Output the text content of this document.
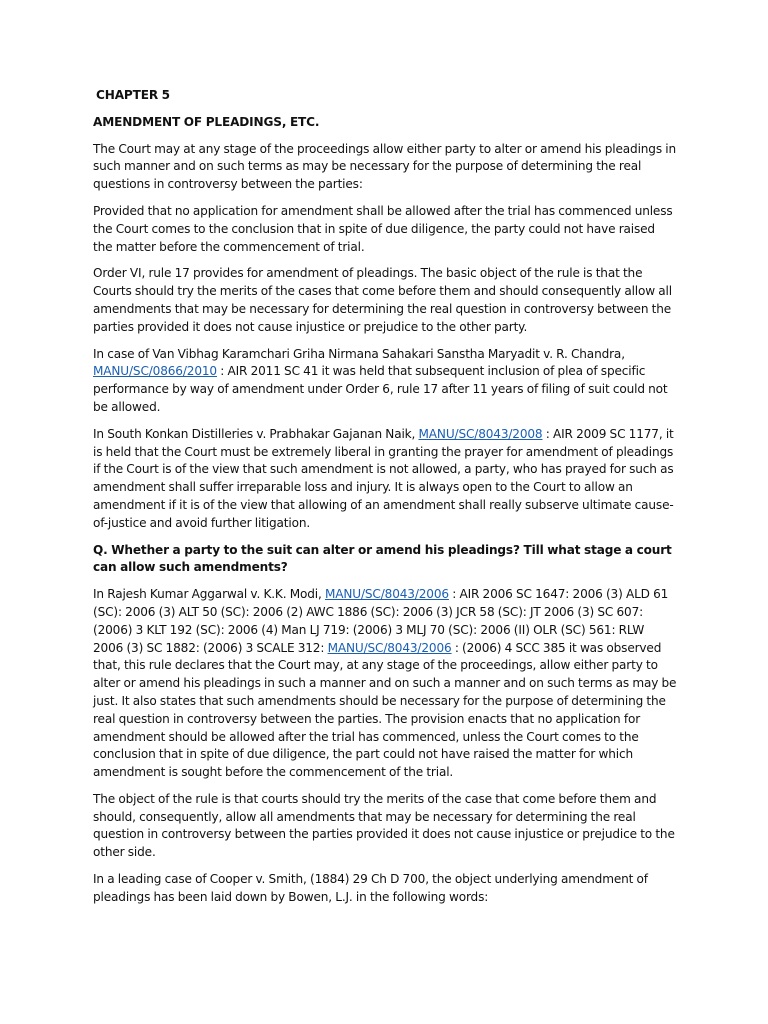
CHAPTER 5
AMENDMENT OF PLEADINGS, ETC.

The Court may at any stage of the proceedings allow either party to alter or amend his pleadings in such manner and on such terms as may be necessary for the purpose of determining the real questions in controversy between the parties:

Provided that no application for amendment shall be allowed after the trial has commenced unless the Court comes to the conclusion that in spite of due diligence, the party could not have raised the matter before the commencement of trial.

Order VI, rule 17 provides for amendment of pleadings. The basic object of the rule is that the Courts should try the merits of the cases that come before them and should consequently allow all amendments that may be necessary for determining the real question in controversy between the parties provided it does not cause injustice or prejudice to the other party.

In case of Van Vibhag Karamchari Griha Nirmana Sahakari Sanstha Maryadit v. R. Chandra, MANU/SC/0866/2010 : AIR 2011 SC 41 it was held that subsequent inclusion of plea of specific performance by way of amendment under Order 6, rule 17 after 11 years of filing of suit could not be allowed.

In South Konkan Distilleries v. Prabhakar Gajanan Naik, MANU/SC/8043/2008 : AIR 2009 SC 1177, it is held that the Court must be extremely liberal in granting the prayer for amendment of pleadings if the Court is of the view that such amendment is not allowed, a party, who has prayed for such as amendment shall suffer irreparable loss and injury. It is always open to the Court to allow an amendment if it is of the view that allowing of an amendment shall really subserve ultimate cause-of-justice and avoid further litigation.

Q. Whether a party to the suit can alter or amend his pleadings? Till what stage a court can allow such amendments?

In Rajesh Kumar Aggarwal v. K.K. Modi, MANU/SC/8043/2006 : AIR 2006 SC 1647: 2006 (3) ALD 61 (SC): 2006 (3) ALT 50 (SC): 2006 (2) AWC 1886 (SC): 2006 (3) JCR 58 (SC): JT 2006 (3) SC 607: (2006) 3 KLT 192 (SC): 2006 (4) Man LJ 719: (2006) 3 MLJ 70 (SC): 2006 (II) OLR (SC) 561: RLW 2006 (3) SC 1882: (2006) 3 SCALE 312: MANU/SC/8043/2006 : (2006) 4 SCC 385 it was observed that, this rule declares that the Court may, at any stage of the proceedings, allow either party to alter or amend his pleadings in such a manner and on such a manner and on such terms as may be just. It also states that such amendments should be necessary for the purpose of determining the real question in controversy between the parties. The provision enacts that no application for amendment should be allowed after the trial has commenced, unless the Court comes to the conclusion that in spite of due diligence, the part could not have raised the matter for which amendment is sought before the commencement of the trial.

The object of the rule is that courts should try the merits of the case that come before them and should, consequently, allow all amendments that may be necessary for determining the real question in controversy between the parties provided it does not cause injustice or prejudice to the other side.

In a leading case of Cooper v. Smith, (1884) 29 Ch D 700, the object underlying amendment of pleadings has been laid down by Bowen, L.J. in the following words:
